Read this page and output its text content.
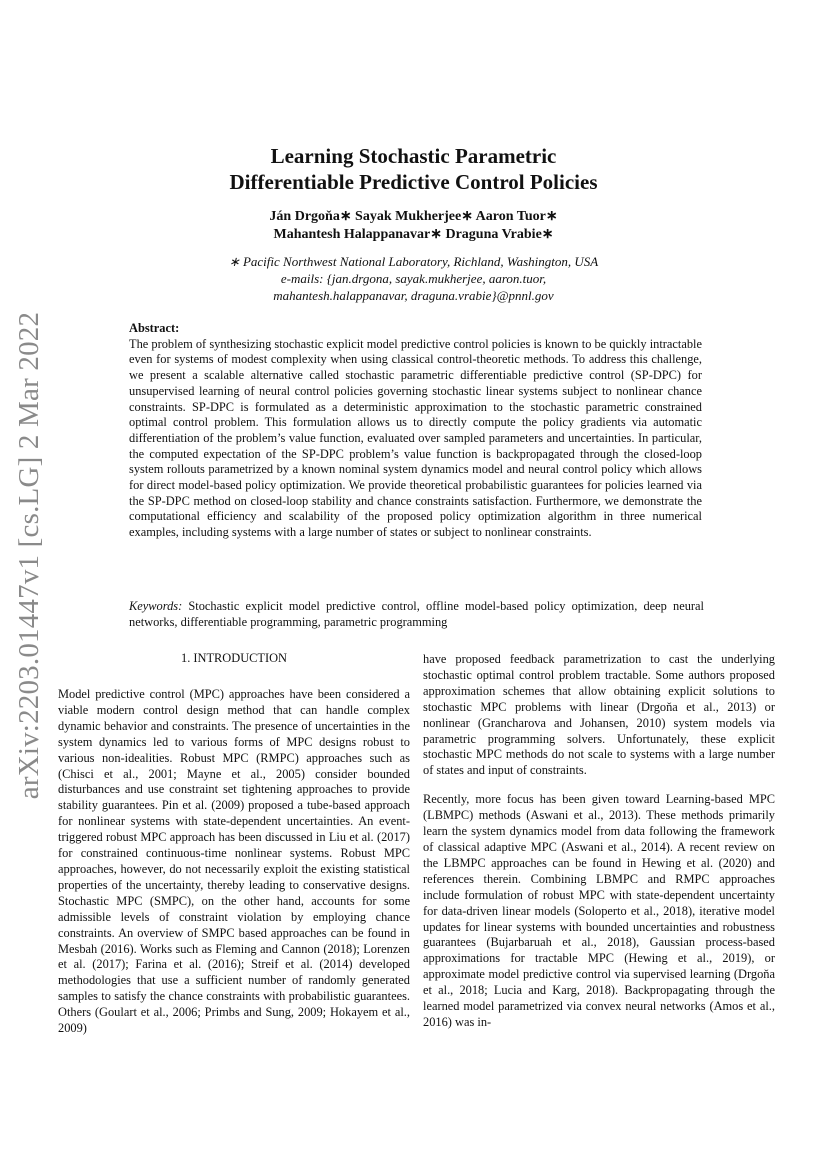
arXiv:2203.01447v1 [cs.LG] 2 Mar 2022
Learning Stochastic Parametric
Differentiable Predictive Control Policies
Ján Drgoňa∗ Sayak Mukherjee∗ Aaron Tuor∗
Mahantesh Halappanavar∗ Draguna Vrabie∗
∗ Pacific Northwest National Laboratory, Richland, Washington, USA
e-mails: {jan.drgona, sayak.mukherjee, aaron.tuor,
mahantesh.halappanavar, draguna.vrabie}@pnnl.gov
Abstract:
The problem of synthesizing stochastic explicit model predictive control policies is known to be quickly intractable even for systems of modest complexity when using classical control-theoretic methods. To address this challenge, we present a scalable alternative called stochastic parametric differentiable predictive control (SP-DPC) for unsupervised learning of neural control policies governing stochastic linear systems subject to nonlinear chance constraints. SP-DPC is formulated as a deterministic approximation to the stochastic parametric constrained optimal control problem. This formulation allows us to directly compute the policy gradients via automatic differentiation of the problem’s value function, evaluated over sampled parameters and uncertainties. In particular, the computed expectation of the SP-DPC problem’s value function is backpropagated through the closed-loop system rollouts parametrized by a known nominal system dynamics model and neural control policy which allows for direct model-based policy optimization. We provide theoretical probabilistic guarantees for policies learned via the SP-DPC method on closed-loop stability and chance constraints satisfaction. Furthermore, we demonstrate the computational efficiency and scalability of the proposed policy optimization algorithm in three numerical examples, including systems with a large number of states or subject to nonlinear constraints.
Keywords: Stochastic explicit model predictive control, offline model-based policy optimization, deep neural networks, differentiable programming, parametric programming
1. INTRODUCTION

Model predictive control (MPC) approaches have been considered a viable modern control design method that can handle complex dynamic behavior and constraints. The presence of uncertainties in the system dynamics led to various forms of MPC designs robust to various non-idealities. Robust MPC (RMPC) approaches such as (Chisci et al., 2001; Mayne et al., 2005) consider bounded disturbances and use constraint set tightening approaches to provide stability guarantees. Pin et al. (2009) proposed a tube-based approach for nonlinear systems with state-dependent uncertainties. An event-triggered robust MPC approach has been discussed in Liu et al. (2017) for constrained continuous-time nonlinear systems. Robust MPC approaches, however, do not necessarily exploit the existing statistical properties of the uncertainty, thereby leading to conservative designs. Stochastic MPC (SMPC), on the other hand, accounts for some admissible levels of constraint violation by employing chance constraints. An overview of SMPC based approaches can be found in Mesbah (2016). Works such as Fleming and Cannon (2018); Lorenzen et al. (2017); Farina et al. (2016); Streif et al. (2014) developed methodologies that use a sufficient number of randomly generated samples to satisfy the chance constraints with probabilistic guarantees. Others (Goulart et al., 2006; Primbs and Sung, 2009; Hokayem et al., 2009)

have proposed feedback parametrization to cast the underlying stochastic optimal control problem tractable. Some authors proposed approximation schemes that allow obtaining explicit solutions to stochastic MPC problems with linear (Drgoňa et al., 2013) or nonlinear (Grancharova and Johansen, 2010) system models via parametric programming solvers. Unfortunately, these explicit stochastic MPC methods do not scale to systems with a large number of states and input of constraints.

Recently, more focus has been given toward Learning-based MPC (LBMPC) methods (Aswani et al., 2013). These methods primarily learn the system dynamics model from data following the framework of classical adaptive MPC (Aswani et al., 2014). A recent review on the LBMPC approaches can be found in Hewing et al. (2020) and references therein. Combining LBMPC and RMPC approaches include formulation of robust MPC with state-dependent uncertainty for data-driven linear models (Soloperto et al., 2018), iterative model updates for linear systems with bounded uncertainties and robustness guarantees (Bujarbaruah et al., 2018), Gaussian process-based approximations for tractable MPC (Hewing et al., 2019), or approximate model predictive control via supervised learning (Drgoňa et al., 2018; Lucia and Karg, 2018). Backpropagating through the learned model parametrized via convex neural networks (Amos et al., 2016) was in-
